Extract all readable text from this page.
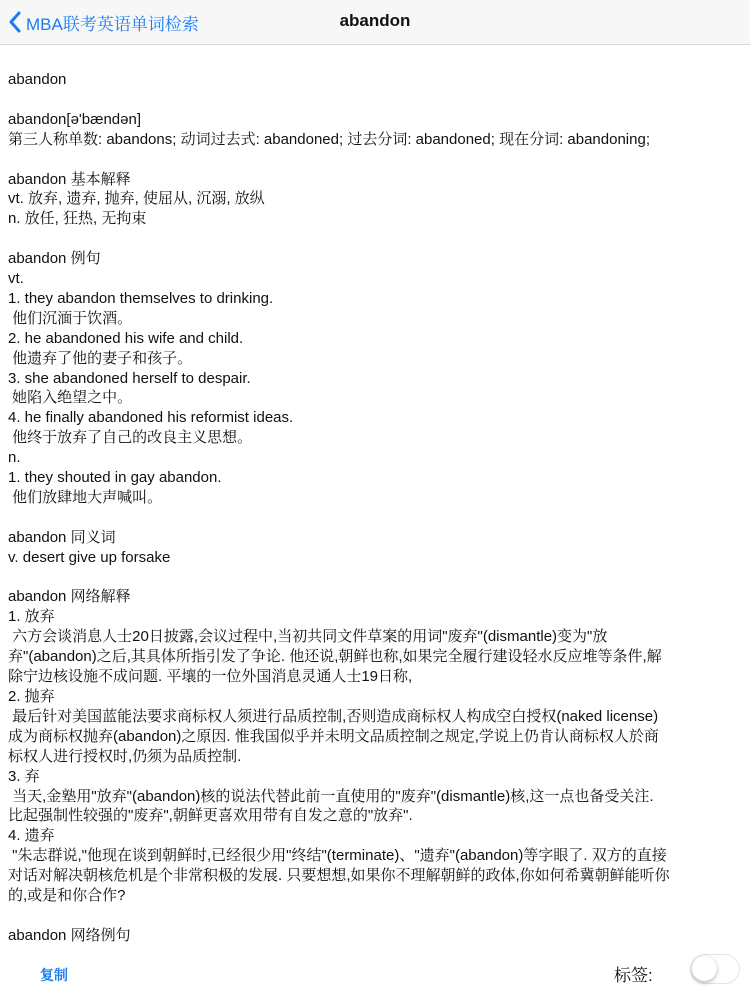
MBA联考英语单词检索	abandon
abandon
abandon[ə'bændən]
第三人称单数: abandons; 动词过去式: abandoned; 过去分词: abandoned; 现在分词: abandoning;
abandon 基本解释
vt. 放弃, 遗弃, 抛弃, 使屈从, 沉溺, 放纵
n. 放任, 狂热, 无拘束
abandon 例句
vt.
1. they abandon themselves to drinking.
他们沉湎于饮酒。
2. he abandoned his wife and child.
他遗弃了他的妻子和孩子。
3. she abandoned herself to despair.
她陷入绝望之中。
4. he finally abandoned his reformist ideas.
他终于放弃了自己的改良主义思想。
n.
1. they shouted in gay abandon.
他们放肆地大声喊叫。
abandon 同义词
v. desert give up forsake
abandon 网络解释
1. 放弃
六方会谈消息人士20日披露,会议过程中,当初共同文件草案的用词"废弃"(dismantle)变为"放
弃"(abandon)之后,其具体所指引发了争论. 他还说,朝鲜也称,如果完全履行建设轻水反应堆等条件,解
除宁边核设施不成问题. 平壤的一位外国消息灵通人士19日称,
2. 抛弃
最后针对美国蓝能法要求商标权人须进行品质控制,否则造成商标权人构成空白授权(naked license)
成为商标权抛弃(abandon)之原因. 惟我国似乎并未明文品质控制之规定,学说上仍肯认商标权人於商
标权人进行授权时,仍须为品质控制.
3. 弃
当天,金塾用"放弃"(abandon)核的说法代替此前一直使用的"废弃"(dismantle)核,这一点也备受关注.
比起强制性较强的"废弃",朝鲜更喜欢用带有自发之意的"放弃".
4. 遗弃
"朱志群说,"他现在谈到朝鲜时,已经很少用"终结"(terminate)、"遗弃"(abandon)等字眼了. 双方的直接
对话对解决朝核危机是个非常积极的发展. 只要想想,如果你不理解朝鲜的政体,你如何希冀朝鲜能听你
的,或是和你合作?
abandon 网络例句
复制	标签:
